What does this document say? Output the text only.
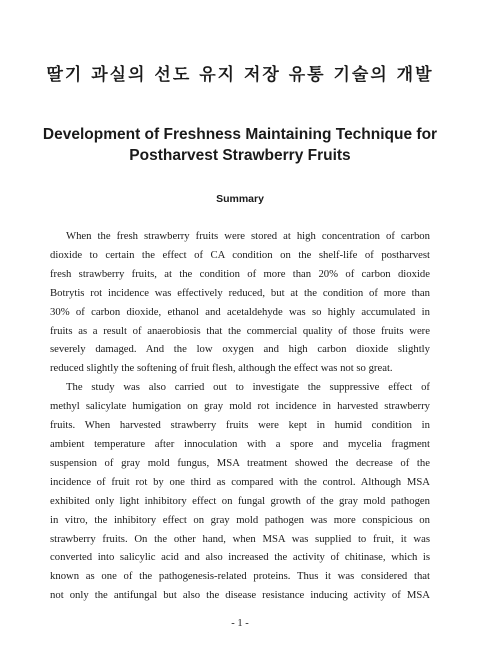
딸기 과실의 선도 유지 저장 유통 기술의 개발
Development of Freshness Maintaining Technique for
Postharvest Strawberry Fruits
Summary
When the fresh strawberry fruits were stored at high concentration of carbon
dioxide to certain the effect of CA condition on the shelf-life of postharvest
fresh strawberry fruits, at the condition of more than 20% of carbon dioxide
Botrytis rot incidence was effectively reduced, but at the condition of more than
30% of carbon dioxide, ethanol and acetaldehyde was so highly accumulated in
fruits as a result of anaerobiosis that the commercial quality of those fruits were
severely damaged. And the low oxygen and high carbon dioxide slightly
reduced slightly the softening of fruit flesh, although the effect was not so great.
The study was also carried out to investigate the suppressive effect of
methyl salicylate humigation on gray mold rot incidence in harvested strawberry
fruits. When harvested strawberry fruits were kept in humid condition in
ambient temperature after innoculation with a spore and mycelia fragment
suspension of gray mold fungus, MSA treatment showed the decrease of the
incidence of fruit rot by one third as compared with the control. Although MSA
exhibited only light inhibitory effect on fungal growth of the gray mold pathogen
in vitro, the inhibitory effect on gray mold pathogen was more conspicious on
strawberry fruits. On the other hand, when MSA was supplied to fruit, it was
converted into salicylic acid and also increased the activity of chitinase, which is
known as one of the pathogenesis-related proteins. Thus it was considered that
not only the antifungal but also the disease resistance inducing activity of MSA
- 1 -
